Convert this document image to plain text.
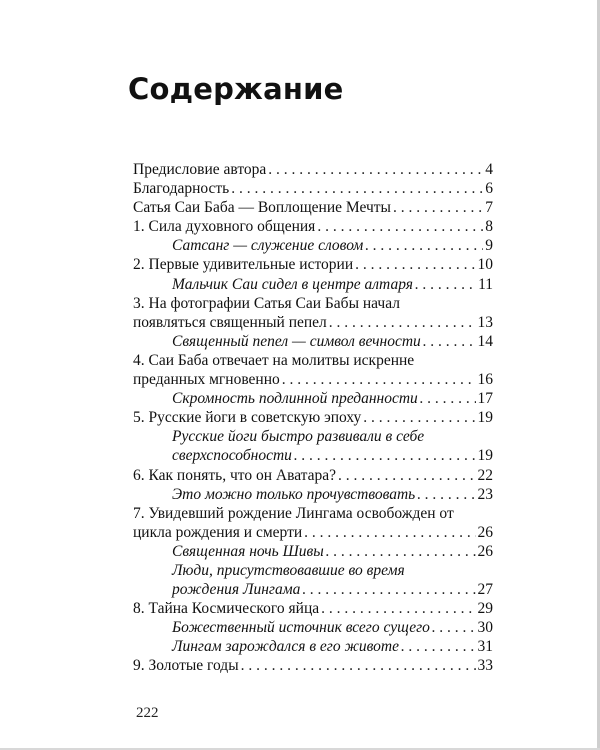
Содержание
Предисловие автора . . .	4
Благодарность . . .	6
Сатья Саи Баба — Воплощение Мечты . . .	7
1. Сила духовного общения . . .	8
Сатсанг — служение словом . . .	9
2. Первые удивительные истории . . .	10
Мальчик Саи сидел в центре алтаря . . .	11
3. На фотографии Сатья Саи Бабы начал
появляться священный пепел . . .	13
Священный пепел — символ вечности . . .	14
4. Саи Баба отвечает на молитвы искренне
преданных мгновенно . . .	16
Скромность подлинной преданности . . .	17
5. Русские йоги в советскую эпоху . . .	19
Русские йоги быстро развивали в себе
сверхспособности . . .	19
6. Как понять, что он Аватара? . . .	22
Это можно только прочувствовать . . .	23
7. Увидевший рождение Лингама освобожден от
цикла рождения и смерти . . .	26
Священная ночь Шивы . . .	26
Люди, присутствовавшие во время
рождения Лингама . . .	27
8. Тайна Космического яйца . . .	29
Божественный источник всего сущего . . .	30
Лингам зарождался в его животе . . .	31
9. Золотые годы . . .	33
222
